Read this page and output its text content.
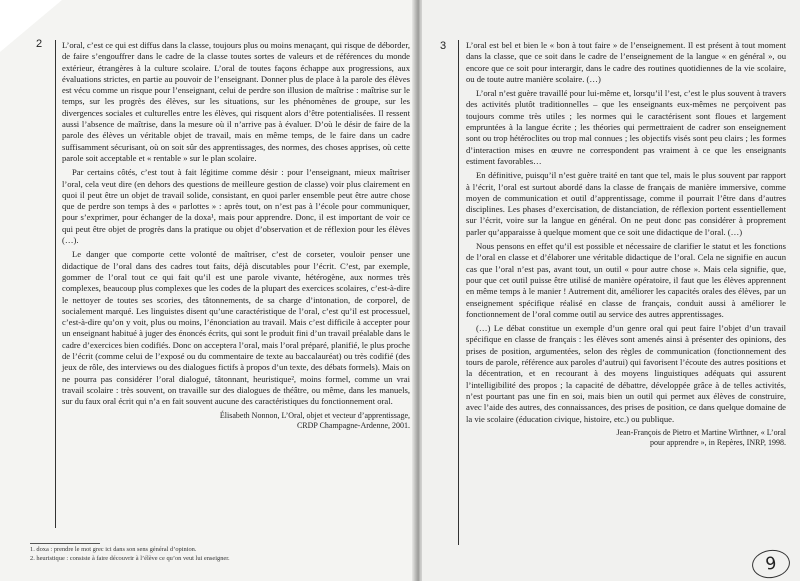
2 L’oral, c’est ce qui est diffus dans la classe, toujours plus ou moins menaçant, qui risque de déborder, de faire s’engouffrer dans le cadre de la classe toutes sortes de valeurs et de références du monde extérieur, étrangères à la culture scolaire. L’oral de toutes façons échappe aux progressions, aux évaluations strictes, en partie au pouvoir de l’enseignant. Donner plus de place à la parole des élèves est vécu comme un risque pour l’enseignant, celui de perdre son illusion de maîtrise : maîtrise sur le temps, sur les progrès des élèves, sur les situations, sur les phénomènes de groupe, sur les divergences sociales et culturelles entre les élèves, qui risquent alors d’être potentialisées. Il ressent aussi l’absence de maîtrise, dans la mesure où il n’arrive pas à évaluer. D’où le désir de faire de la parole des élèves un véritable objet de travail, mais en même temps, de le faire dans un cadre suffisamment sécurisant, où on soit sûr des apprentissages, des normes, des choses apprises, où cette parole soit acceptable et « rentable » sur le plan scolaire.

Par certains côtés, c’est tout à fait légitime comme désir : pour l’enseignant, mieux maîtriser l’oral, cela veut dire (en dehors des questions de meilleure gestion de classe) voir plus clairement en quoi il peut être un objet de travail solide, consistant, en quoi parler ensemble peut être autre chose que de perdre son temps à des « parlottes » : après tout, on n’est pas à l’école pour communiquer, pour s’exprimer, pour échanger de la doxa¹, mais pour apprendre. Donc, il est important de voir ce qui peut être objet de progrès dans la pratique ou objet d’observation et de réflexion pour les élèves (…).

Le danger que comporte cette volonté de maîtriser, c’est de corseter, vouloir penser une didactique de l’oral dans des cadres tout faits, déjà discutables pour l’écrit. C’est, par exemple, gommer de l’oral tout ce qui fait qu’il est une parole vivante, hétérogène, aux normes très complexes, beaucoup plus complexes que les codes de la plupart des exercices scolaires, c’est-à-dire le nettoyer de toutes ses scories, des tâtonnements, de sa charge d’intonation, de corporel, de socialement marqué. Les linguistes disent qu’une caractéristique de l’oral, c’est qu’il est processuel, c’est-à-dire qu’on y voit, plus ou moins, l’énonciation au travail. Mais c’est difficile à accepter pour un enseignant habitué à juger des énoncés écrits, qui sont le produit fini d’un travail préalable dans le cadre d’exercices bien codifiés. Donc on acceptera l’oral, mais l’oral préparé, planifié, le plus proche de l’écrit (comme celui de l’exposé ou du commentaire de texte au baccalauréat) ou très codifié (des jeux de rôle, des interviews ou des dialogues fictifs à propos d’un texte, des débats formels). Mais on ne pourra pas considérer l’oral dialogué, tâtonnant, heuristique², moins formel, comme un vrai travail scolaire : très souvent, on travaille sur des dialogues de théâtre, ou même, dans les manuels, sur du faux oral écrit qui n’a en fait souvent aucune des caractéristiques du fonctionnement oral.

Élisabeth Nonnon, L’Oral, objet et vecteur d’apprentissage,
CRDP Champagne-Ardenne, 2001.

1. doxa : prendre le mot grec ici dans son sens général d’opinion.
2. heuristique : consiste à faire découvrir à l’élève ce qu’on veut lui enseigner.
3 L’oral est bel et bien le « bon à tout faire » de l’enseignement. Il est présent à tout moment dans la classe, que ce soit dans le cadre de l’enseignement de la langue « en général », ou encore que ce soit pour interargir, dans le cadre des routines quotidiennes de la vie scolaire, ou de toute autre manière scolaire. (…)

L’oral n’est guère travaillé pour lui-même et, lorsqu’il l’est, c’est le plus souvent à travers des activités plutôt traditionnelles – que les enseignants eux-mêmes ne perçoivent pas toujours comme très utiles ; les normes qui le caractérisent sont floues et largement empruntées à la langue écrite ; les théories qui permettraient de cadrer son enseignement sont ou trop hétéroclites ou trop mal connues ; les objectifs visés sont peu clairs ; les formes d’interaction mises en œuvre ne correspondent pas vraiment à ce que les enseignants estiment favorables…

En définitive, puisqu’il n’est guère traité en tant que tel, mais le plus souvent par rapport à l’écrit, l’oral est surtout abordé dans la classe de français de manière immersive, comme moyen de communication et outil d’apprentissage, comme il pourrait l’être dans d’autres disciplines. Les phases d’exercisation, de distanciation, de réflexion portent essentiellement sur l’écrit, voire sur la langue en général. On ne peut donc pas considérer à proprement parler qu’apparaisse à quelque moment que ce soit une didactique de l’oral. (…)

Nous pensons en effet qu’il est possible et nécessaire de clarifier le statut et les fonctions de l’oral en classe et d’élaborer une véritable didactique de l’oral. Cela ne signifie en aucun cas que l’oral n’est pas, avant tout, un outil « pour autre chose ». Mais cela signifie, que, pour que cet outil puisse être utilisé de manière opératoire, il faut que les élèves apprennent en même temps à le manier ! Autrement dit, améliorer les capacités orales des élèves, par un enseignement spécifique réalisé en classe de français, conduit aussi à améliorer le fonctionnement de l’oral comme outil au service des autres apprentissages.

(…) Le débat constitue un exemple d’un genre oral qui peut faire l’objet d’un travail spécifique en classe de français : les élèves sont amenés ainsi à présenter des opinions, des prises de position, argumentées, selon des règles de communication (fonctionnement des tours de parole, référence aux paroles d’autrui) qui favorisent l’écoute des autres positions et la décentration, et en recourant à des moyens linguistiques adéquats qui assurent l’intelligibilité des propos ; la capacité de débattre, développée grâce à de telles activités, n’est pourtant pas une fin en soi, mais bien un outil qui permet aux élèves de construire, avec l’aide des autres, des connaissances, des prises de position, ce dans quelque domaine de la vie scolaire (éducation civique, histoire, etc.) ou publique.

Jean-François de Pietro et Martine Wirthner, « L’oral
pour apprendre », in Repères, INRP, 1998.

9
